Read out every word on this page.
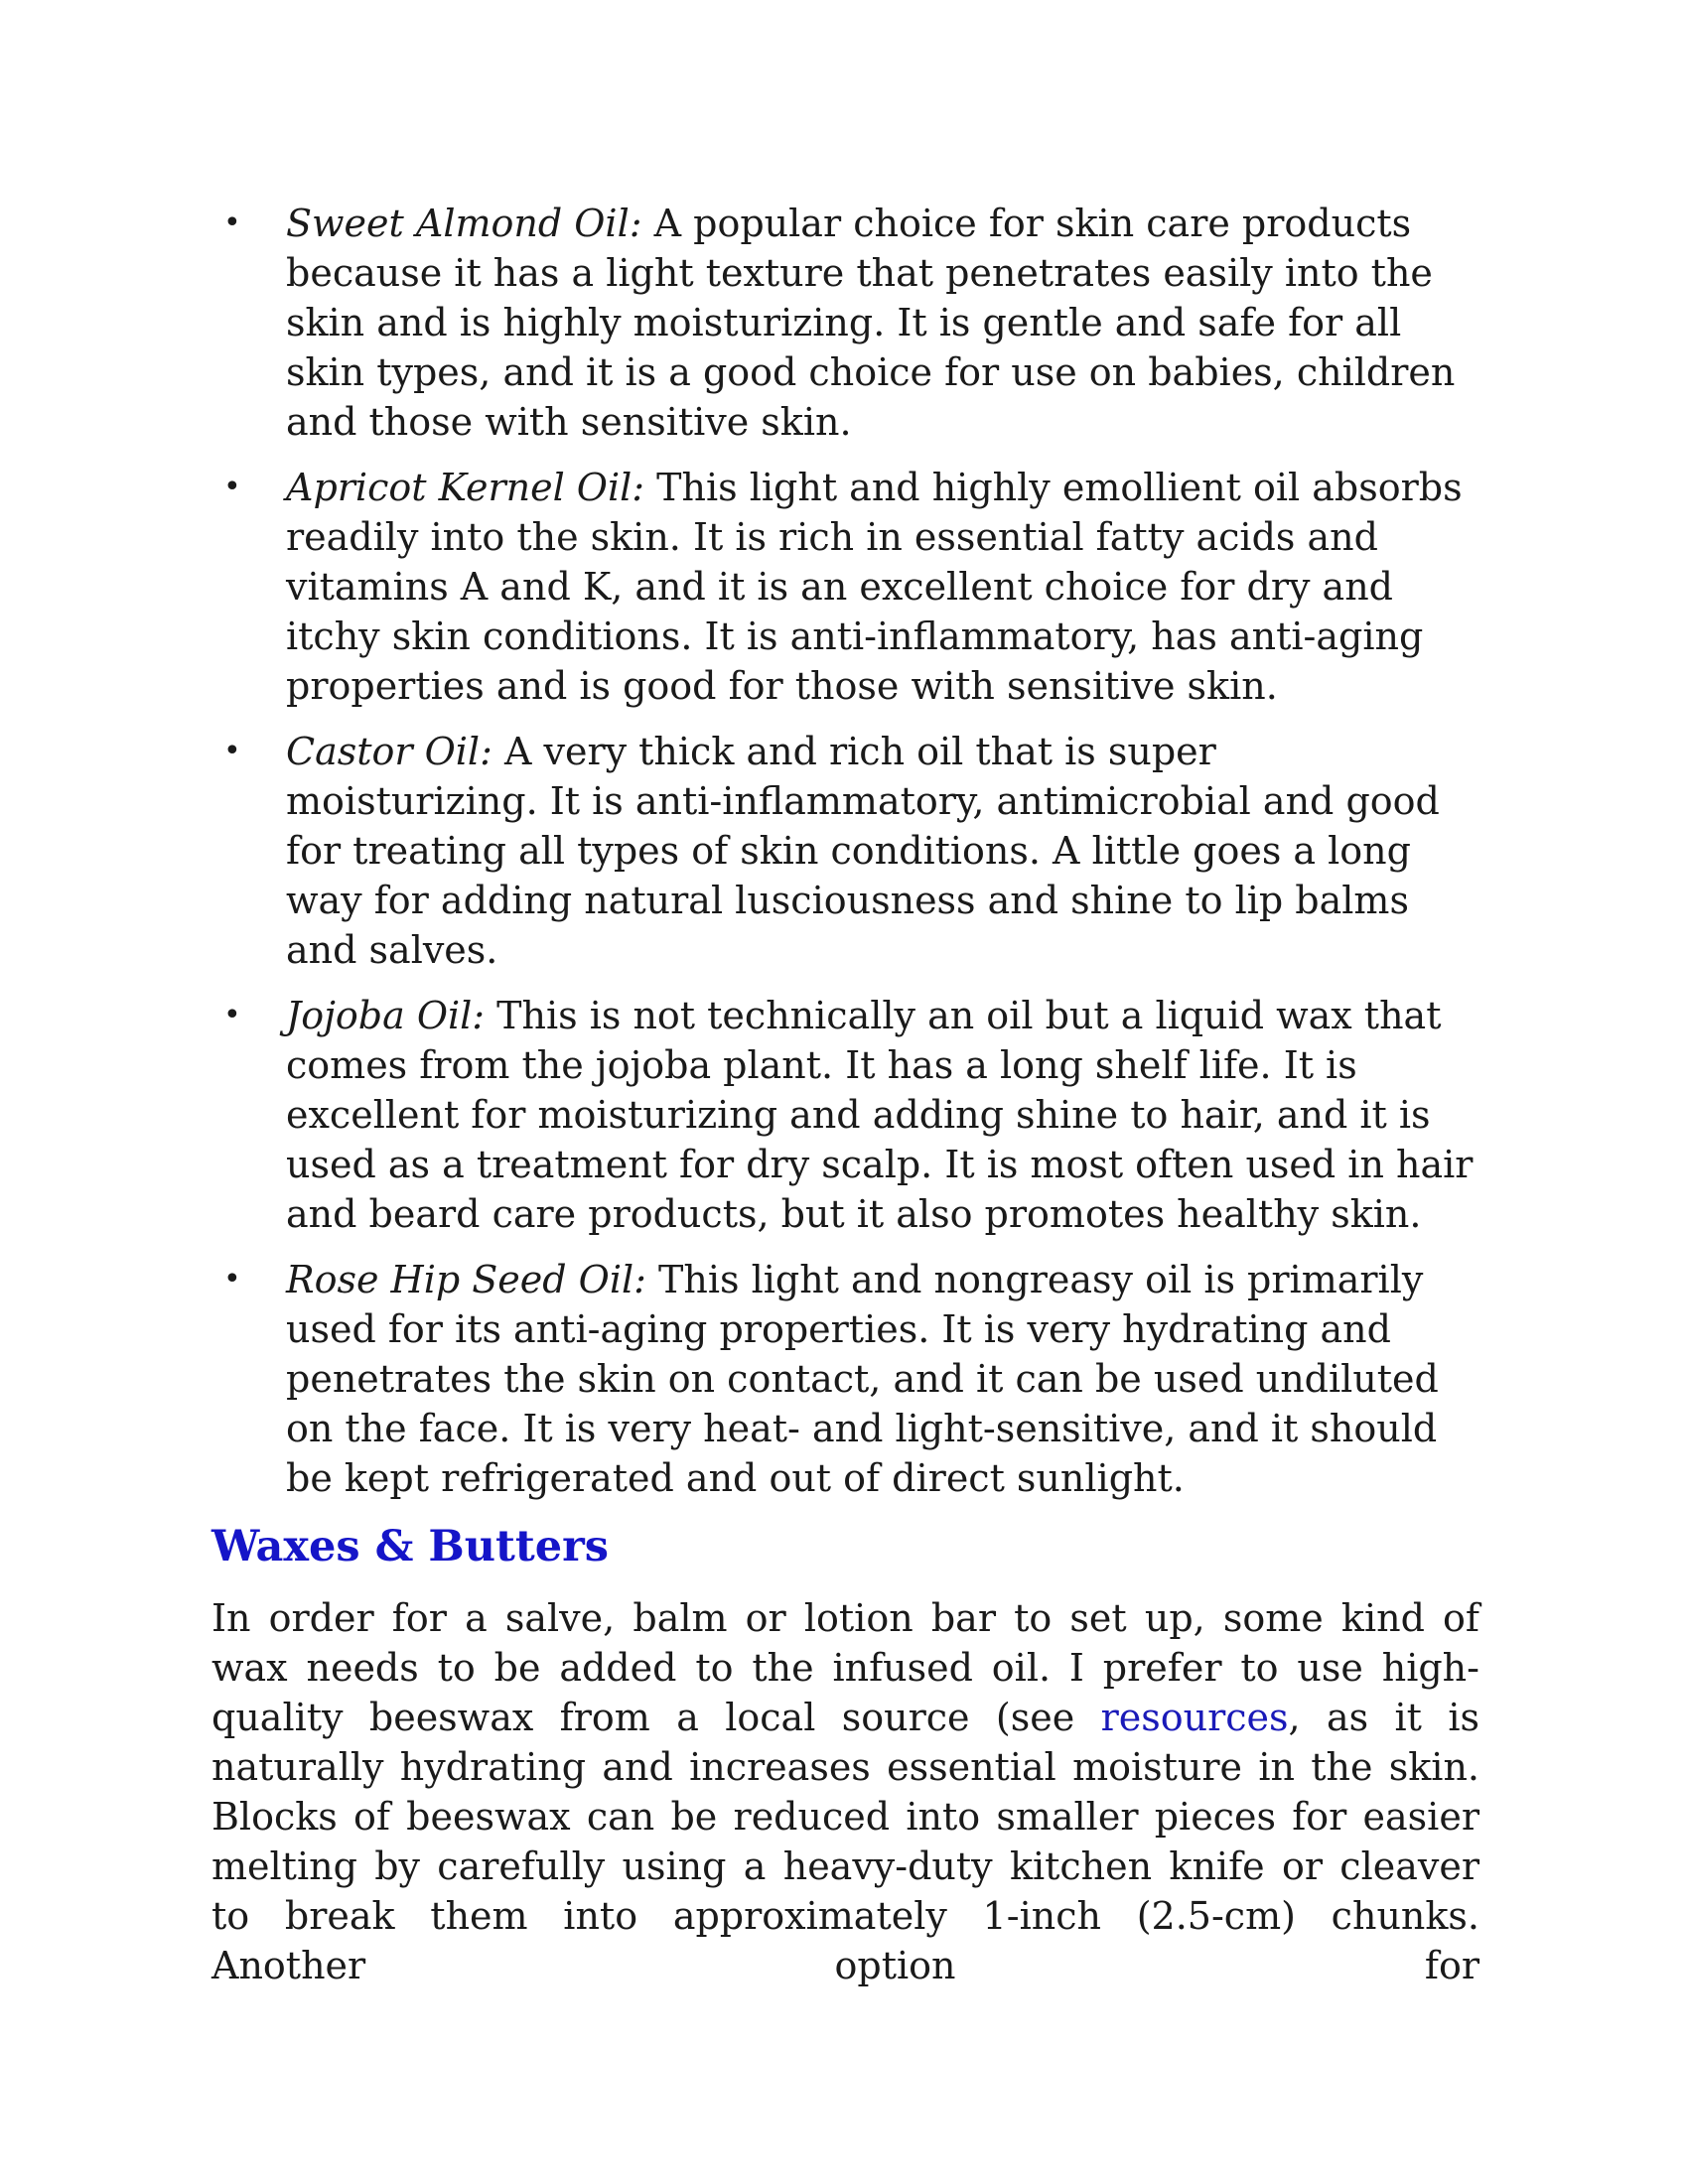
• Sweet Almond Oil: A popular choice for skin care products because it has a light texture that penetrates easily into the skin and is highly moisturizing. It is gentle and safe for all skin types, and it is a good choice for use on babies, children and those with sensitive skin.
• Apricot Kernel Oil: This light and highly emollient oil absorbs readily into the skin. It is rich in essential fatty acids and vitamins A and K, and it is an excellent choice for dry and itchy skin conditions. It is anti-inflammatory, has anti-aging properties and is good for those with sensitive skin.
• Castor Oil: A very thick and rich oil that is super moisturizing. It is anti-inflammatory, antimicrobial and good for treating all types of skin conditions. A little goes a long way for adding natural lusciousness and shine to lip balms and salves.
• Jojoba Oil: This is not technically an oil but a liquid wax that comes from the jojoba plant. It has a long shelf life. It is excellent for moisturizing and adding shine to hair, and it is used as a treatment for dry scalp. It is most often used in hair and beard care products, but it also promotes healthy skin.
• Rose Hip Seed Oil: This light and nongreasy oil is primarily used for its anti-aging properties. It is very hydrating and penetrates the skin on contact, and it can be used undiluted on the face. It is very heat- and light-sensitive, and it should be kept refrigerated and out of direct sunlight.
Waxes & Butters

In order for a salve, balm or lotion bar to set up, some kind of wax needs to be added to the infused oil. I prefer to use high-quality beeswax from a local source (see resources, as it is naturally hydrating and increases essential moisture in the skin. Blocks of beeswax can be reduced into smaller pieces for easier melting by carefully using a heavy-duty kitchen knife or cleaver to break them into approximately 1-inch (2.5-cm) chunks. Another option for
